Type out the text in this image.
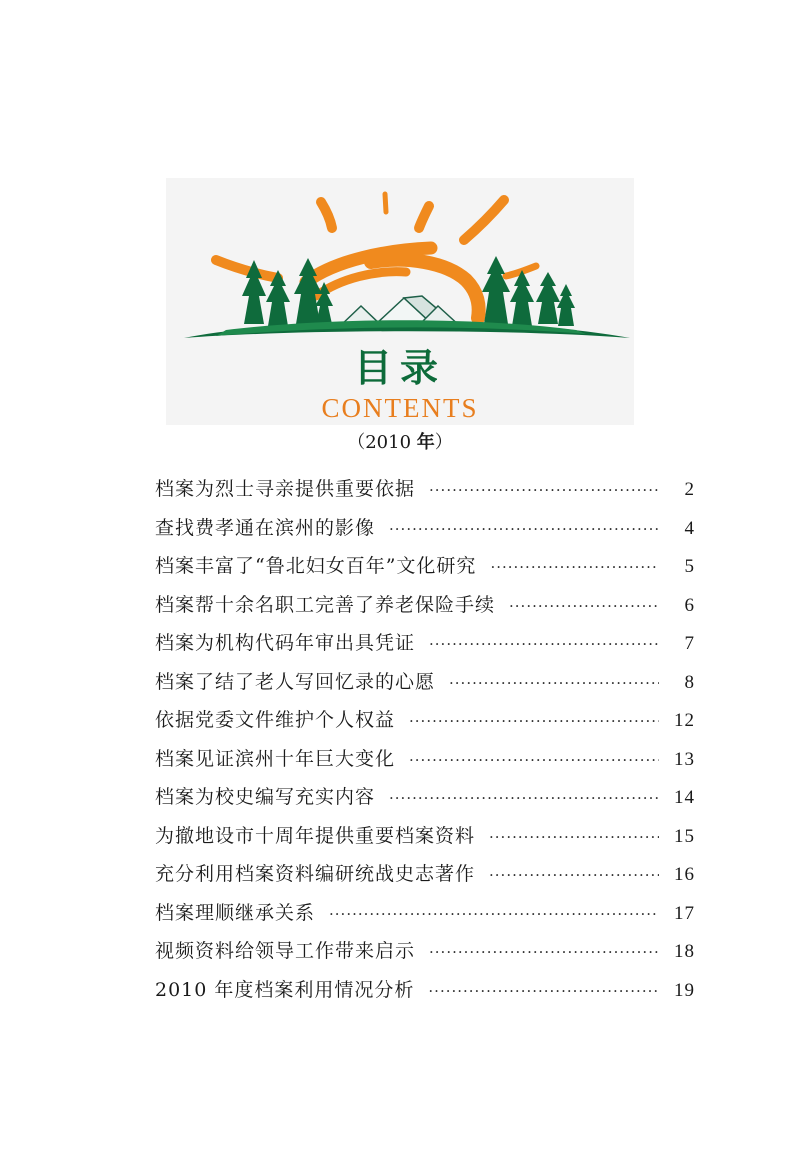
目录
CONTENTS
（2010 年）
档案为烈士寻亲提供重要依据 ·····	2
查找费孝通在滨州的影像 ·····	4
档案丰富了“鲁北妇女百年”文化研究 ·····	5
档案帮十余名职工完善了养老保险手续 ·····	6
档案为机构代码年审出具凭证 ·····	7
档案了结了老人写回忆录的心愿 ·····	8
依据党委文件维护个人权益 ·····	12
档案见证滨州十年巨大变化 ·····	13
档案为校史编写充实内容 ·····	14
为撤地设市十周年提供重要档案资料 ·····	15
充分利用档案资料编研统战史志著作 ·····	16
档案理顺继承关系 ·····	17
视频资料给领导工作带来启示 ·····	18
2010 年度档案利用情况分析 ·····	19
